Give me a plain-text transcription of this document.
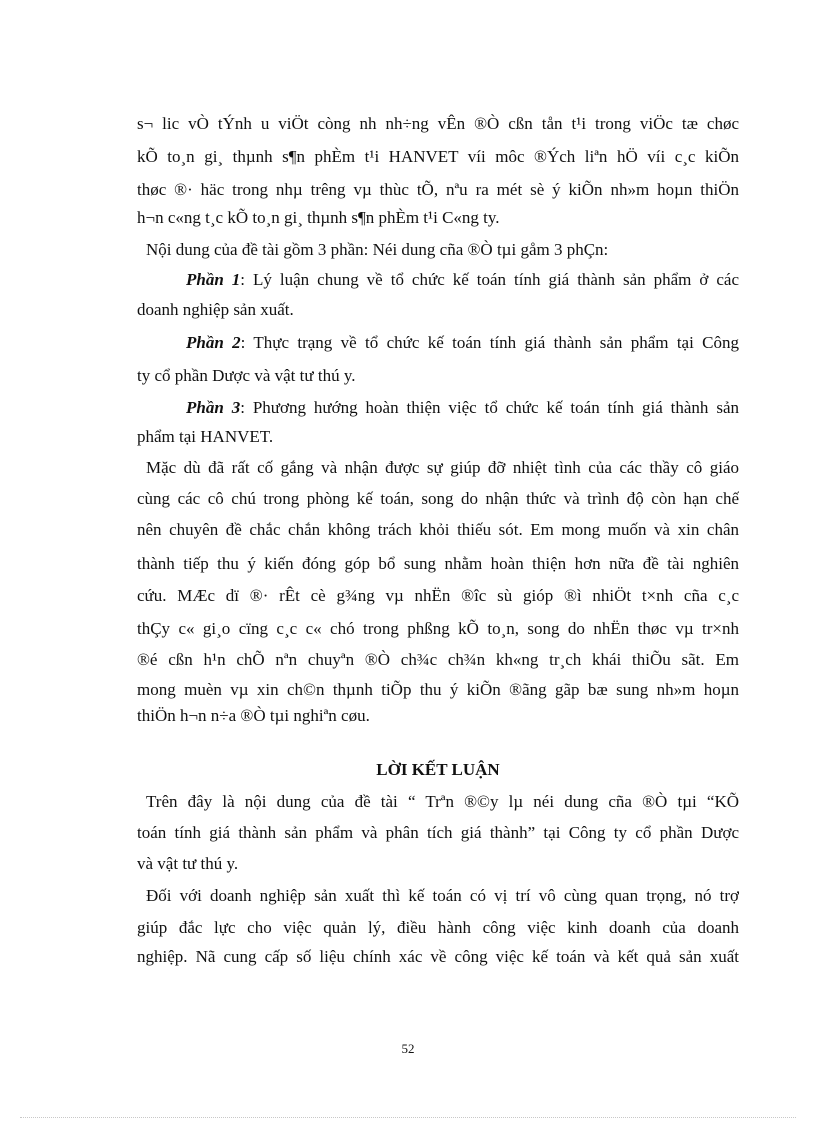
s¬ lic vÒ tÝnh u viÖt còng nh nh÷ng vÊn ®Ò cßn tån t¹i trong viÖc tæ chøc
kÕ to¸n gi¸ thµnh s¶n phÈm t¹i HANVET víi môc ®Ých liªn hÖ víi c¸c kiÕn
thøc ®· häc trong nhµ trêng vµ thùc tÕ, nªu ra mét sè ý kiÕn nh»m hoµn thiÖn
h¬n c«ng t¸c kÕ to¸n gi¸ thµnh s¶n phÈm t¹i C«ng ty.
Nội dung của đề tài gồm 3 phần: Néi dung cña ®Ò tµi gåm 3 phÇn:
Phần 1: Lý luận chung về tổ chức kế toán tính giá thành sản phẩm ở các
doanh nghiệp sản xuất.
Phần 2: Thực trạng về tổ chức kế toán tính giá thành sản phẩm tại Công
ty cổ phần Dược và vật tư thú y.
Phần 3: Phương hướng hoàn thiện việc tổ chức kế toán tính giá thành sản
phẩm tại HANVET.
Mặc dù đã rất cố gắng và nhận được sự giúp đỡ nhiệt tình của các thầy cô giáo
cùng các cô chú trong phòng kế toán, song do nhận thức và trình độ còn hạn chế
nên chuyên đề chắc chắn không trách khỏi thiếu sót. Em mong muốn và xin chân
thành tiếp thu ý kiến đóng góp bổ sung nhằm hoàn thiện hơn nữa đề tài nghiên
cứu. MÆc dï ®· rÊt cè g¾ng vµ nhËn ®îc sù gióp ®ì nhiÖt t×nh cña c¸c
thÇy c« gi¸o cïng c¸c c« chó trong phßng kÕ to¸n, song do nhËn thøc vµ tr×nh
®é cßn h¹n chÕ nªn chuyªn ®Ò ch¾c ch¾n kh«ng tr¸ch khái thiÕu sãt. Em
mong muèn vµ xin ch©n thµnh tiÕp thu ý kiÕn ®ãng gãp bæ sung nh»m hoµn
thiÖn h¬n n÷a ®Ò tµi nghiªn cøu.
LỜI KẾT LUẬN
Trên đây là nội dung của đề tài “ Trªn ®©y lµ néi dung cña ®Ò tµi “KÕ
toán tính giá thành sản phẩm và phân tích giá thành” tại Công ty cổ phần Dược
và vật tư thú y.
Đối với doanh nghiệp sản xuất thì kế toán có vị trí vô cùng quan trọng, nó trợ
giúp đắc lực cho việc quản lý, điều hành công việc kinh doanh của doanh
nghiệp. Nã cung cấp số liệu chính xác về công việc kế toán và kết quả sản xuất
52
